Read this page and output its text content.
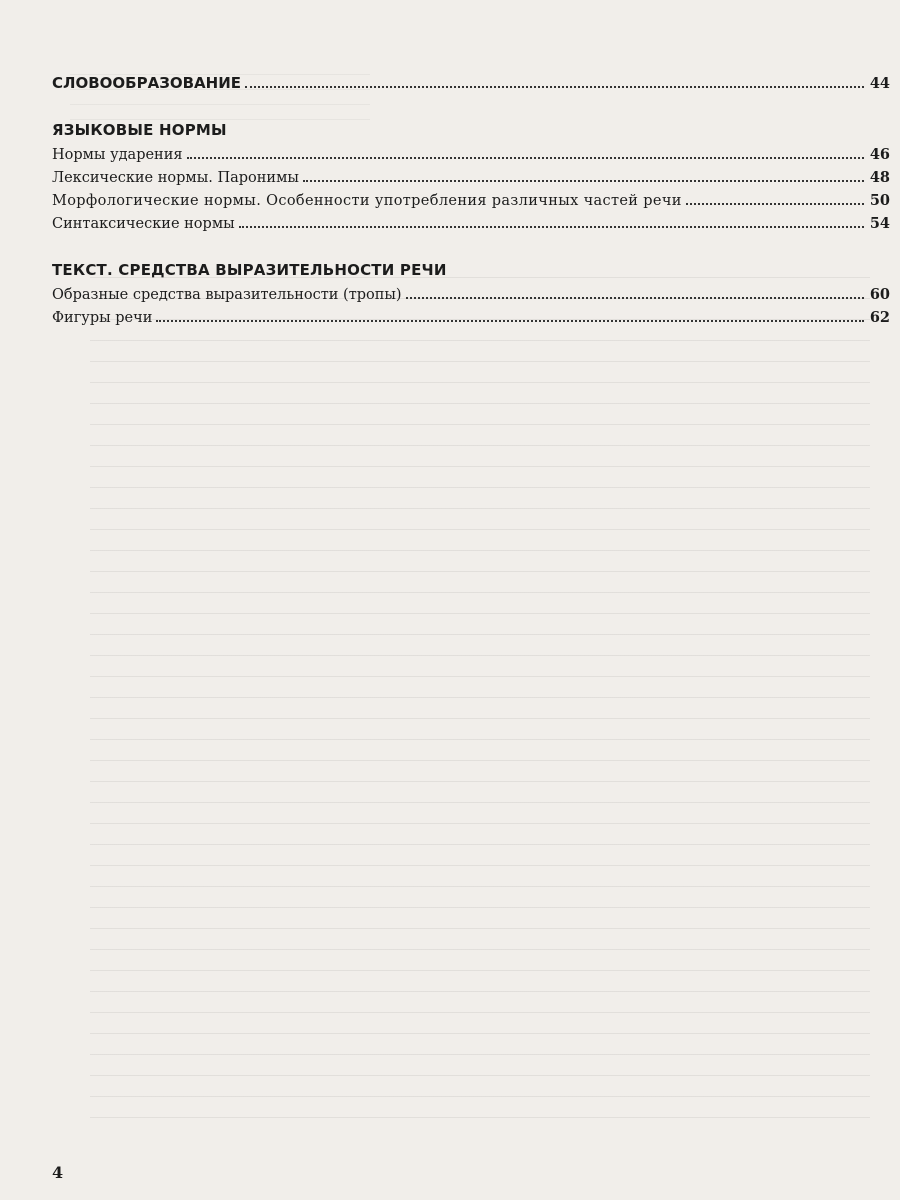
СЛОВООБРАЗОВАНИЕ	44
ЯЗЫКОВЫЕ НОРМЫ
Нормы ударения	46
Лексические нормы. Паронимы	48
Морфологические нормы. Особенности употребления различных частей речи	50
Синтаксические нормы	54
ТЕКСТ. СРЕДСТВА ВЫРАЗИТЕЛЬНОСТИ РЕЧИ
Образные средства выразительности (тропы)	60
Фигуры речи	62
4
